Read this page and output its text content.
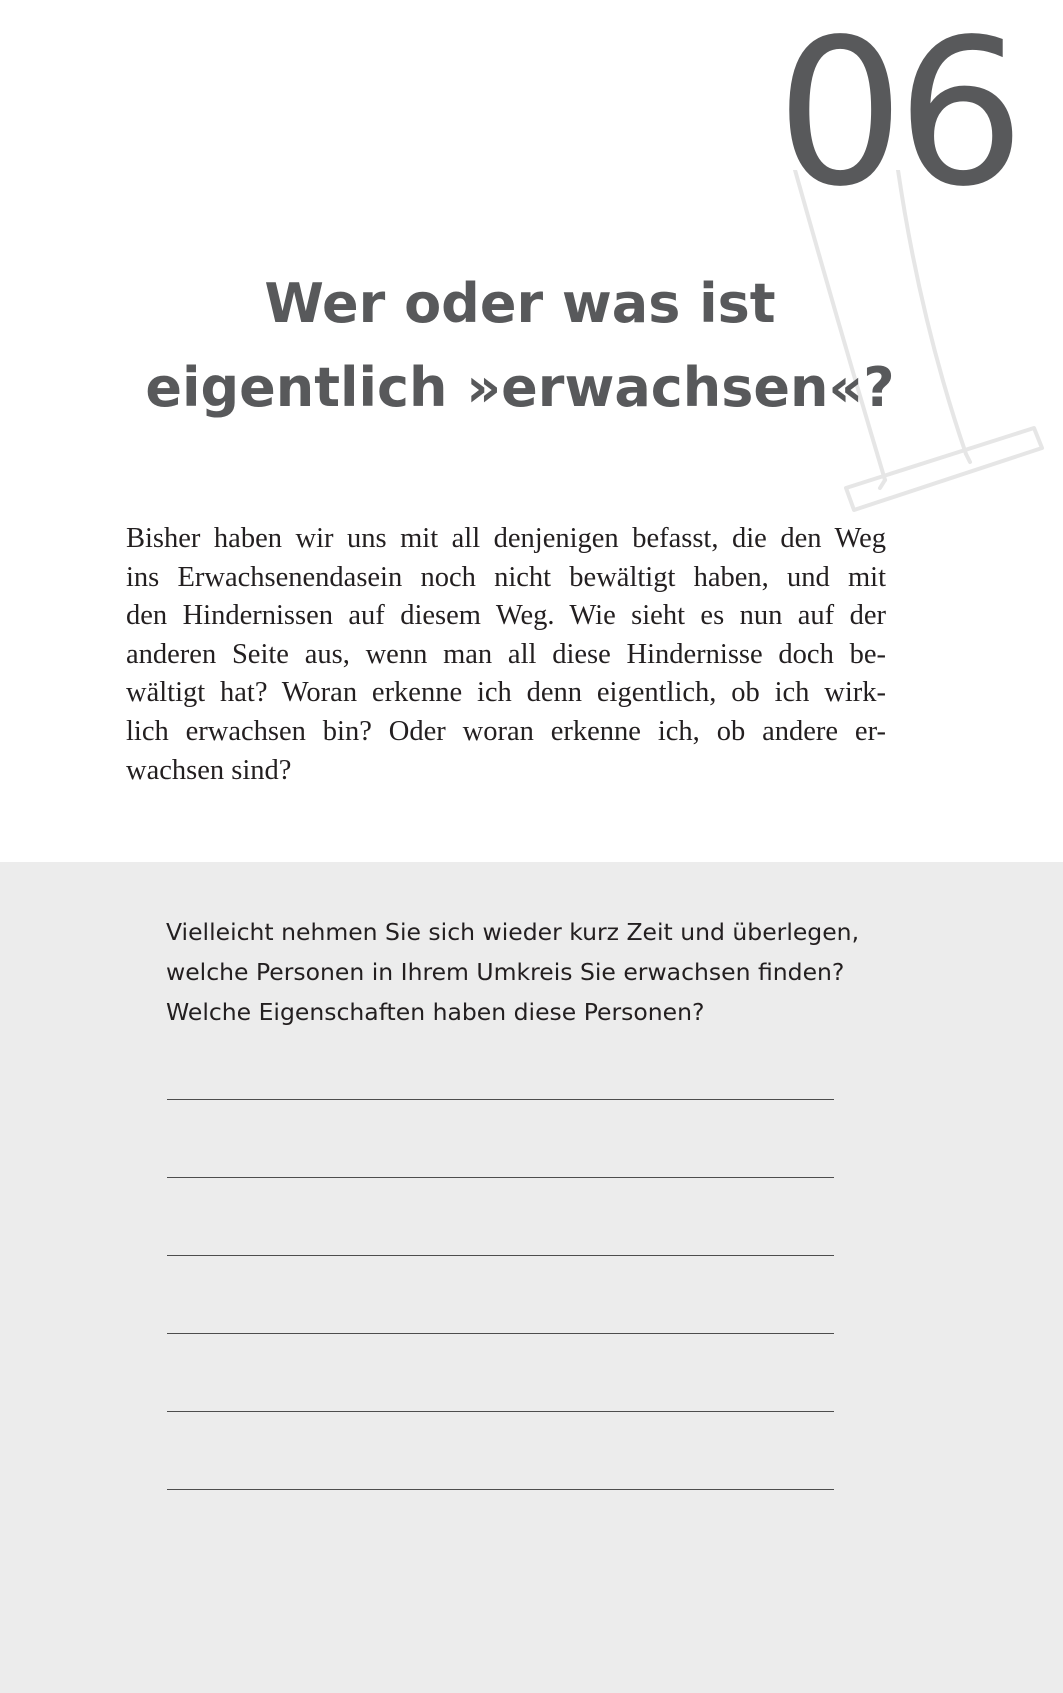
06
Wer oder was ist
eigentlich »erwachsen«?

Bisher haben wir uns mit all denjenigen befasst, die den Weg
ins Erwachsenendasein noch nicht bewältigt haben, und mit
den Hindernissen auf diesem Weg. Wie sieht es nun auf der
anderen Seite aus, wenn man all diese Hindernisse doch be-
wältigt hat? Woran erkenne ich denn eigentlich, ob ich wirk-
lich erwachsen bin? Oder woran erkenne ich, ob andere er-
wachsen sind?

Vielleicht nehmen Sie sich wieder kurz Zeit und überlegen,
welche Personen in Ihrem Umkreis Sie erwachsen finden?
Welche Eigenschaften haben diese Personen?
